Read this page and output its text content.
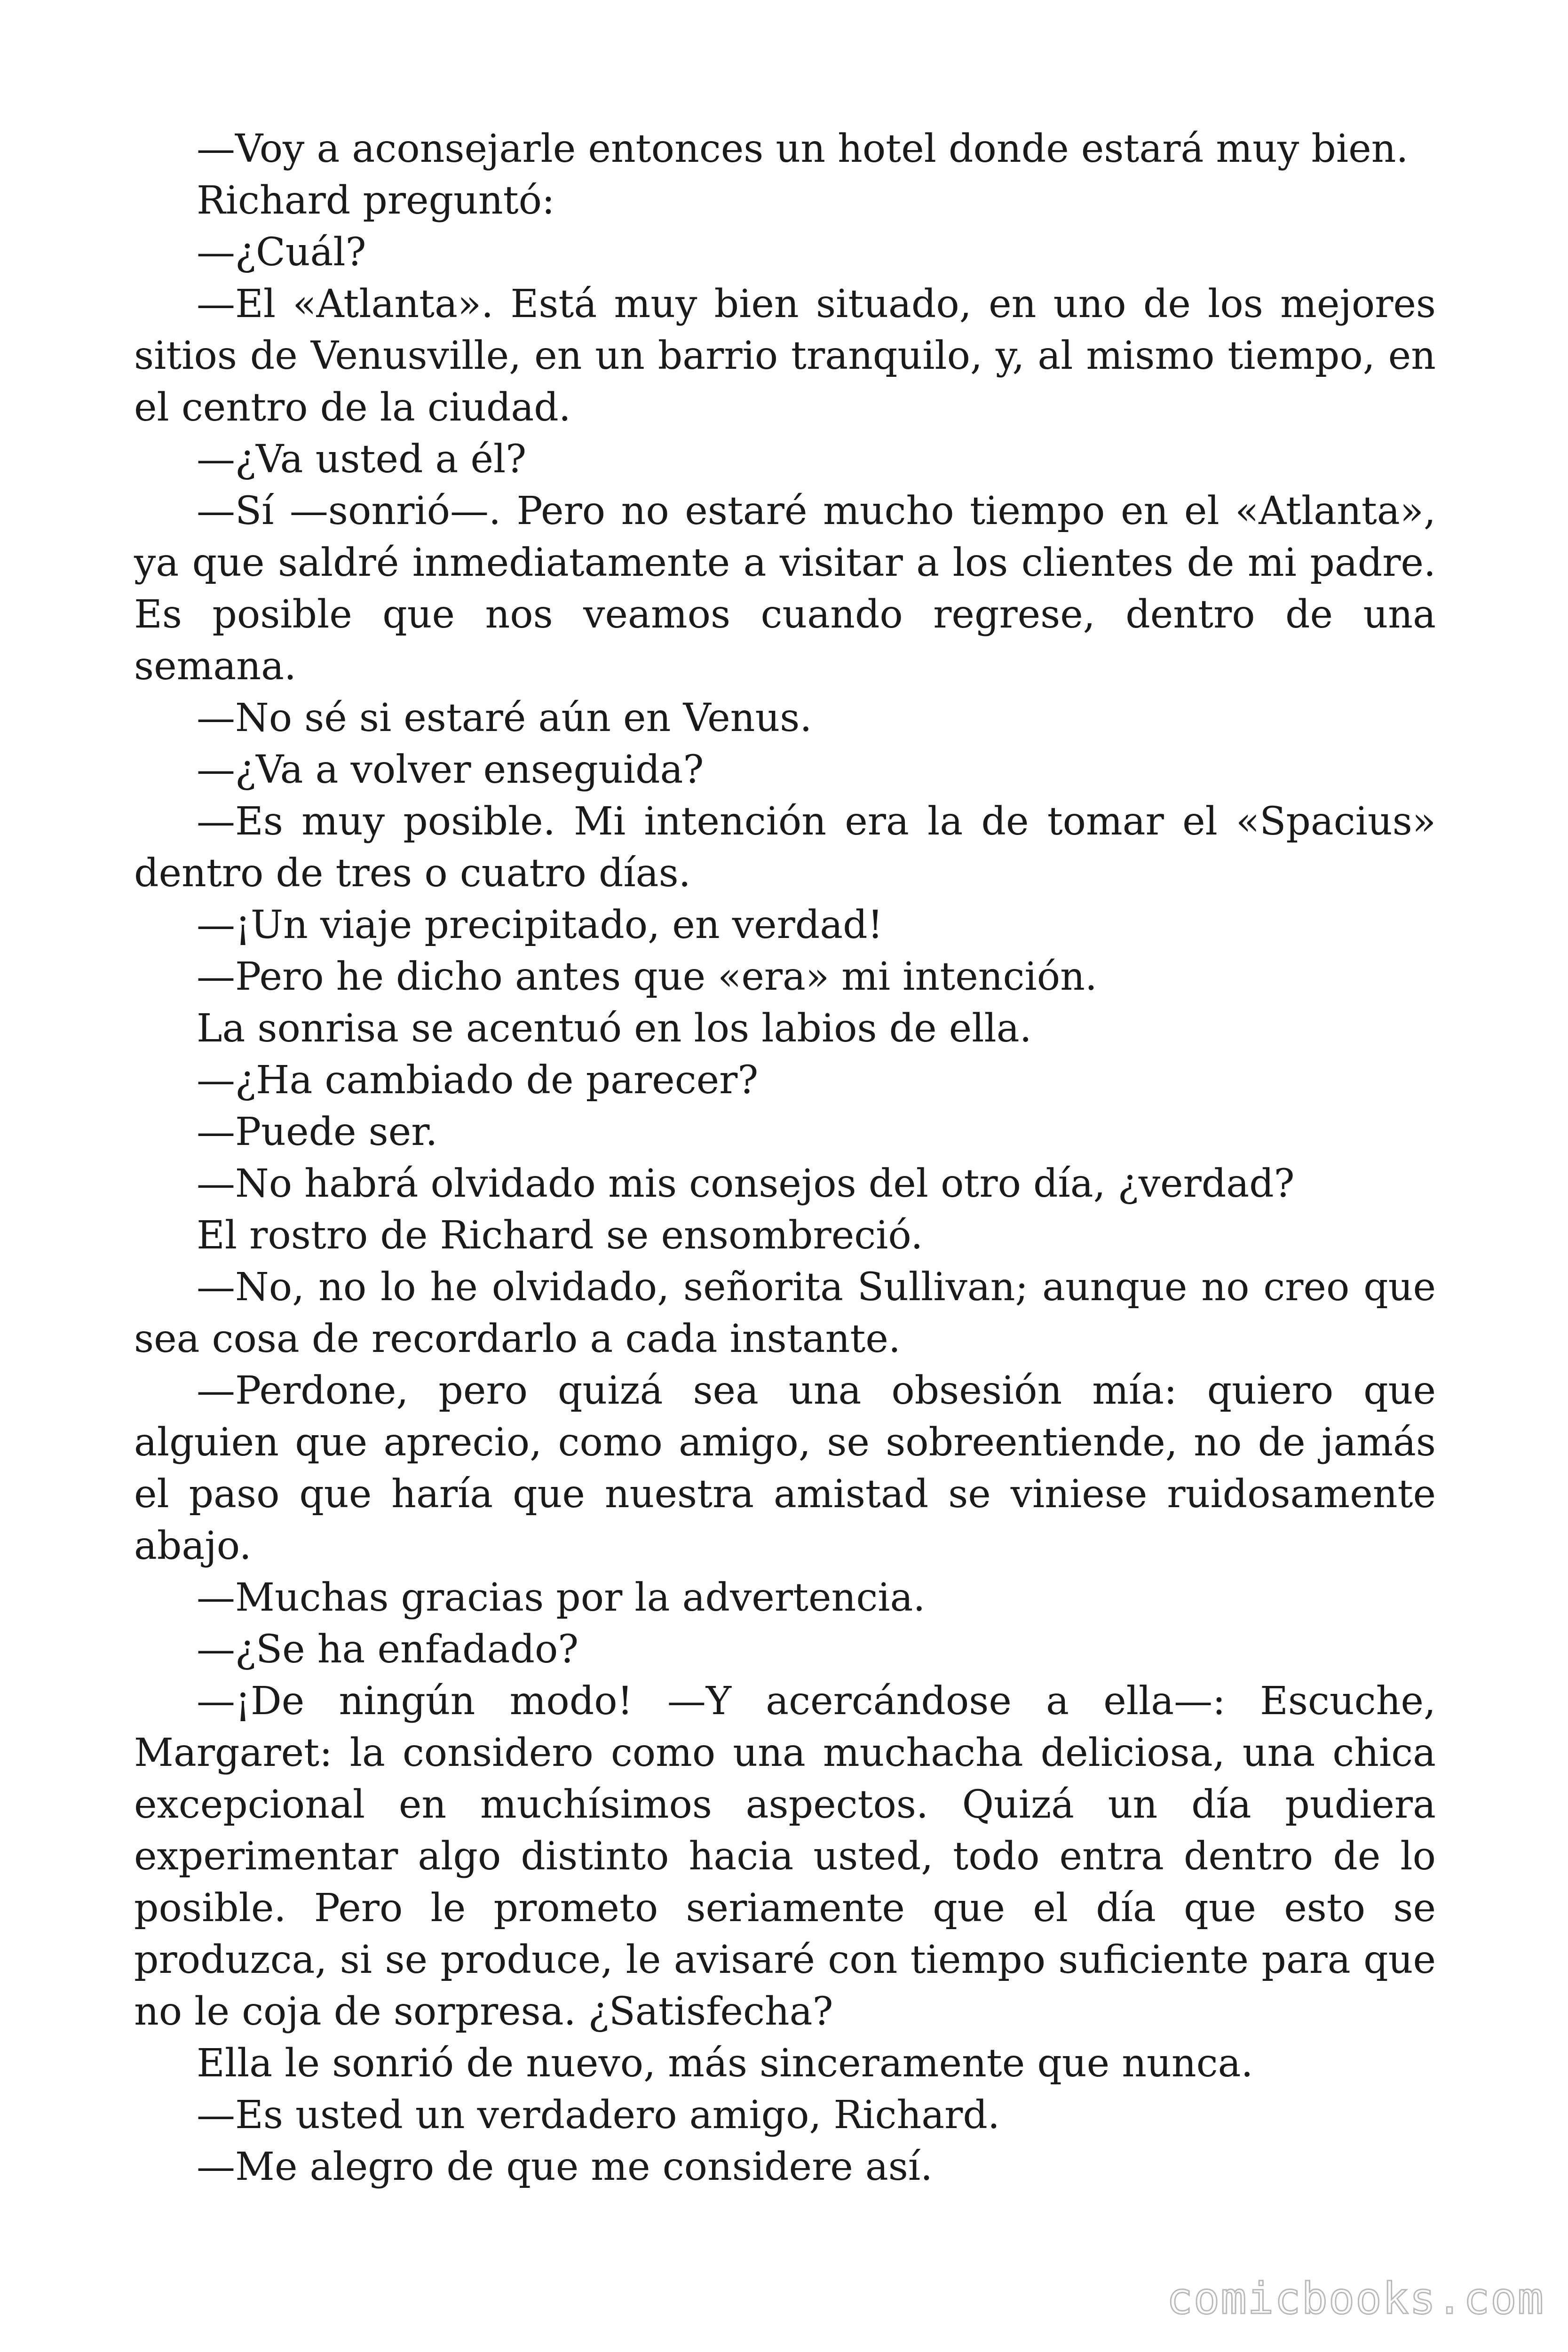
—Voy a aconsejarle entonces un hotel donde estará muy bien.

Richard preguntó:

—¿Cuál?

—El «Atlanta». Está muy bien situado, en uno de los mejores sitios de Venusville, en un barrio tranquilo, y, al mismo tiempo, en el centro de la ciudad.

—¿Va usted a él?

—Sí —sonrió—. Pero no estaré mucho tiempo en el «Atlanta», ya que saldré inmediatamente a visitar a los clientes de mi padre. Es posible que nos veamos cuando regrese, dentro de una semana.

—No sé si estaré aún en Venus.

—¿Va a volver enseguida?

—Es muy posible. Mi intención era la de tomar el «Spacius» dentro de tres o cuatro días.

—¡Un viaje precipitado, en verdad!

—Pero he dicho antes que «era» mi intención.

La sonrisa se acentuó en los labios de ella.

—¿Ha cambiado de parecer?

—Puede ser.

—No habrá olvidado mis consejos del otro día, ¿verdad?

El rostro de Richard se ensombreció.

—No, no lo he olvidado, señorita Sullivan; aunque no creo que sea cosa de recordarlo a cada instante.

—Perdone, pero quizá sea una obsesión mía: quiero que alguien que aprecio, como amigo, se sobreentiende, no de jamás el paso que haría que nuestra amistad se viniese ruidosamente abajo.

—Muchas gracias por la advertencia.

—¿Se ha enfadado?

—¡De ningún modo! —Y acercándose a ella—: Escuche, Margaret: la considero como una muchacha deliciosa, una chica excepcional en muchísimos aspectos. Quizá un día pudiera experimentar algo distinto hacia usted, todo entra dentro de lo posible. Pero le prometo seriamente que el día que esto se produzca, si se produce, le avisaré con tiempo suficiente para que no le coja de sorpresa. ¿Satisfecha?

Ella le sonrió de nuevo, más sinceramente que nunca.

—Es usted un verdadero amigo, Richard.

—Me alegro de que me considere así.

comicbooks.com
